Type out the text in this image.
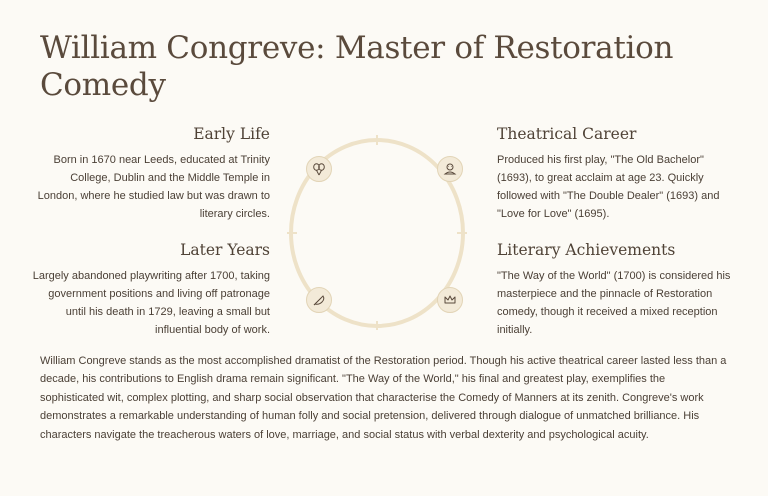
William Congreve: Master of Restoration Comedy
Early Life

Born in 1670 near Leeds, educated at Trinity College, Dublin and the Middle Temple in London, where he studied law but was drawn to literary circles.

Later Years

Largely abandoned playwriting after 1700, taking government positions and living off patronage until his death in 1729, leaving a small but influential body of work.

Theatrical Career

Produced his first play, "The Old Bachelor" (1693), to great acclaim at age 23. Quickly followed with "The Double Dealer" (1693) and "Love for Love" (1695).

Literary Achievements

"The Way of the World" (1700) is considered his masterpiece and the pinnacle of Restoration comedy, though it received a mixed reception initially.

William Congreve stands as the most accomplished dramatist of the Restoration period. Though his active theatrical career lasted less than a decade, his contributions to English drama remain significant. "The Way of the World," his final and greatest play, exemplifies the sophisticated wit, complex plotting, and sharp social observation that characterise the Comedy of Manners at its zenith. Congreve's work demonstrates a remarkable understanding of human folly and social pretension, delivered through dialogue of unmatched brilliance. His characters navigate the treacherous waters of love, marriage, and social status with verbal dexterity and psychological acuity.
